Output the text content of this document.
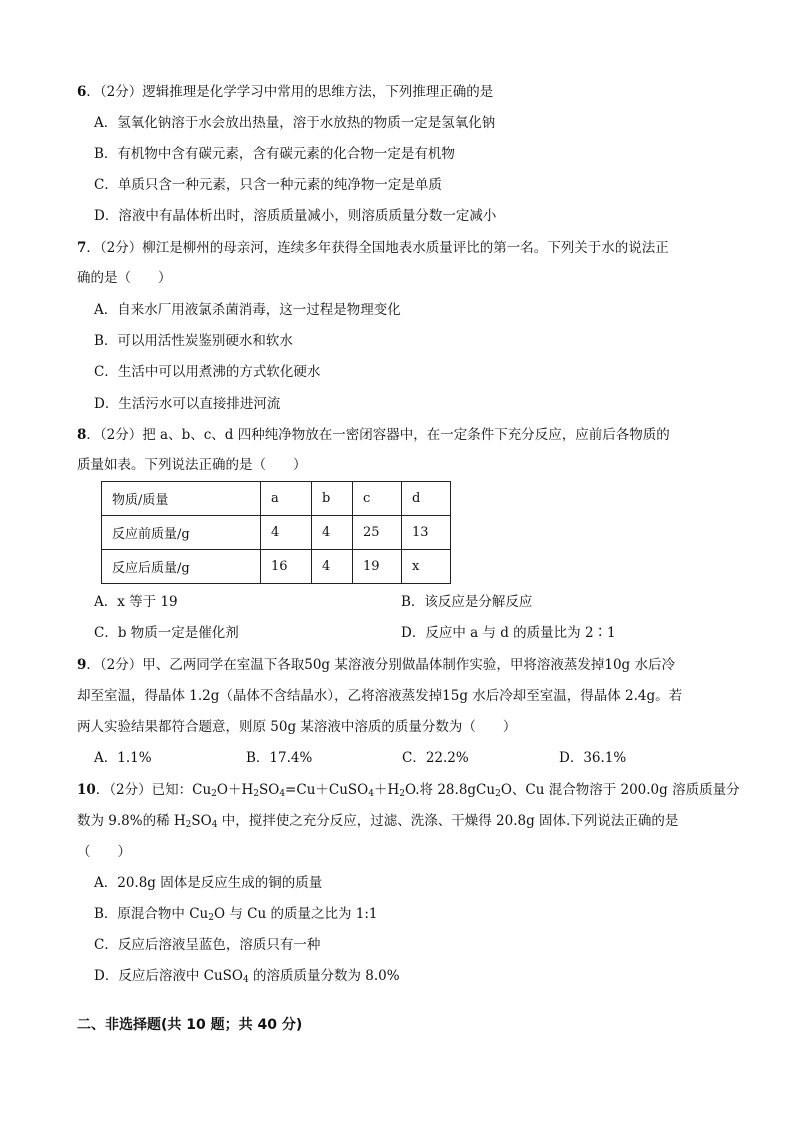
6．（2分）逻辑推理是化学学习中常用的思维方法，下列推理正确的是
A．氢氧化钠溶于水会放出热量，溶于水放热的物质一定是氢氧化钠
B．有机物中含有碳元素，含有碳元素的化合物一定是有机物
C．单质只含一种元素，只含一种元素的纯净物一定是单质
D．溶液中有晶体析出时，溶质质量减小，则溶质质量分数一定减小
7．（2分）柳江是柳州的母亲河，连续多年获得全国地表水质量评比的第一名。下列关于水的说法正
确的是（　　）
A．自来水厂用液氯杀菌消毒，这一过程是物理变化
B．可以用活性炭鉴别硬水和软水
C．生活中可以用煮沸的方式软化硬水
D．生活污水可以直接排进河流
8．（2分）把 a、b、c、d 四种纯净物放在一密闭容器中，在一定条件下充分反应，应前后各物质的
质量如表。下列说法正确的是（　　）
物质/质量	a	b	c	d
反应前质量/g	4	4	25	13
反应后质量/g	16	4	19	x
A．x 等于 19	B．该反应是分解反应
C．b 物质一定是催化剂	D．反应中 a 与 d 的质量比为 2∶1
9．（2分）甲、乙两同学在室温下各取50g 某溶液分别做晶体制作实验，甲将溶液蒸发掉10g 水后冷
却至室温，得晶体 1.2g（晶体不含结晶水），乙将溶液蒸发掉15g 水后冷却至室温，得晶体 2.4g。若
两人实验结果都符合题意，则原 50g 某溶液中溶质的质量分数为（　　）
A．1.1%	B．17.4%	C．22.2%	D．36.1%
10．（2分）已知：$Cu_2O+H_2SO_4=Cu+CuSO_4+H_2O$.将 28.8gCu$_2$O、Cu 混合物溶于 200.0g 溶质质量分
数为 9.8%的稀 $H_2SO_4$ 中，搅拌使之充分反应，过滤、洗涤、干燥得 20.8g 固体.下列说法正确的是
（　　）
A．20.8g 固体是反应生成的铜的质量
B．原混合物中 $Cu_2O$ 与 Cu 的质量之比为 1:1
C．反应后溶液呈蓝色，溶质只有一种
D．反应后溶液中 CuSO$_4$ 的溶质质量分数为 8.0%
二、非选择题(共 10 题；共 40 分)
